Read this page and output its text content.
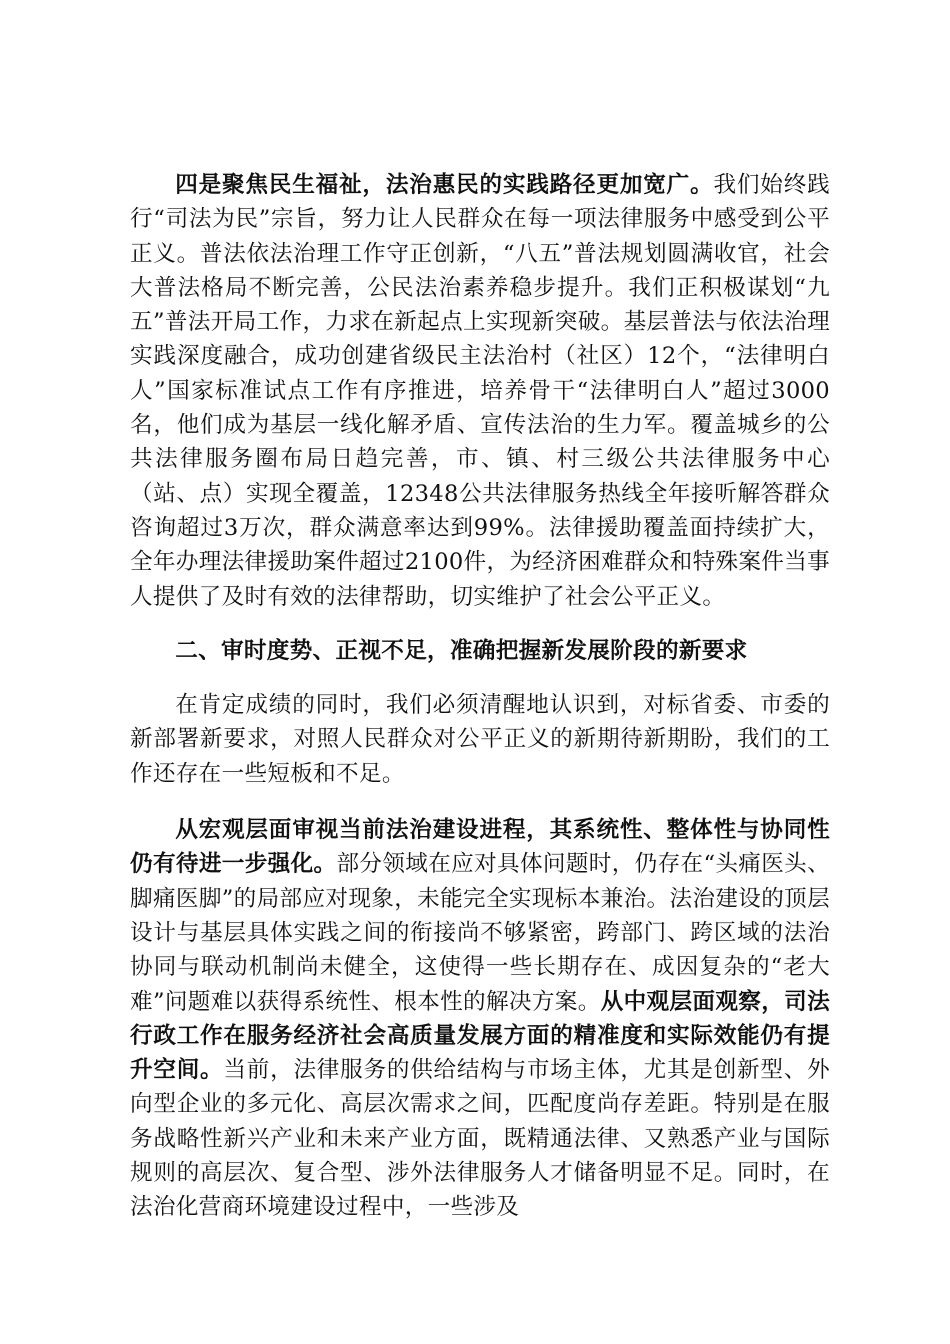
四是聚焦民生福祉，法治惠民的实践路径更加宽广。我们始终践行“司法为民”宗旨，努力让人民群众在每一项法律服务中感受到公平正义。普法依法治理工作守正创新，“八五”普法规划圆满收官，社会大普法格局不断完善，公民法治素养稳步提升。我们正积极谋划“九五”普法开局工作，力求在新起点上实现新突破。基层普法与依法治理实践深度融合，成功创建省级民主法治村（社区）12个，“法律明白人”国家标准试点工作有序推进，培养骨干“法律明白人”超过3000名，他们成为基层一线化解矛盾、宣传法治的生力军。覆盖城乡的公共法律服务圈布局日趋完善，市、镇、村三级公共法律服务中心（站、点）实现全覆盖，12348公共法律服务热线全年接听解答群众咨询超过3万次，群众满意率达到99%。法律援助覆盖面持续扩大，全年办理法律援助案件超过2100件，为经济困难群众和特殊案件当事人提供了及时有效的法律帮助，切实维护了社会公平正义。

二、审时度势、正视不足，准确把握新发展阶段的新要求

在肯定成绩的同时，我们必须清醒地认识到，对标省委、市委的新部署新要求，对照人民群众对公平正义的新期待新期盼，我们的工作还存在一些短板和不足。

从宏观层面审视当前法治建设进程，其系统性、整体性与协同性仍有待进一步强化。部分领域在应对具体问题时，仍存在“头痛医头、脚痛医脚”的局部应对现象，未能完全实现标本兼治。法治建设的顶层设计与基层具体实践之间的衔接尚不够紧密，跨部门、跨区域的法治协同与联动机制尚未健全，这使得一些长期存在、成因复杂的“老大难”问题难以获得系统性、根本性的解决方案。从中观层面观察，司法行政工作在服务经济社会高质量发展方面的精准度和实际效能仍有提升空间。当前，法律服务的供给结构与市场主体，尤其是创新型、外向型企业的多元化、高层次需求之间，匹配度尚存差距。特别是在服务战略性新兴产业和未来产业方面，既精通法律、又熟悉产业与国际规则的高层次、复合型、涉外法律服务人才储备明显不足。同时，在法治化营商环境建设过程中，一些涉及
